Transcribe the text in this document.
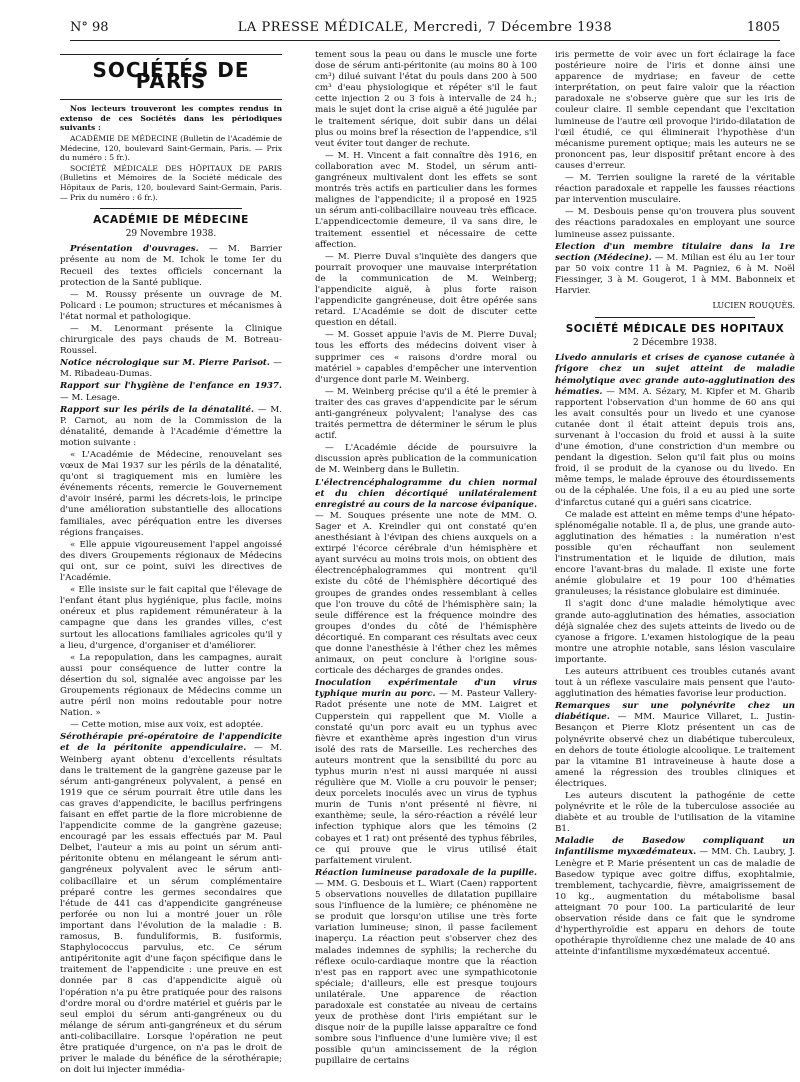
N° 98	LA PRESSE MÉDICALE, Mercredi, 7 Décembre 1938	1805
SOCIÉTÉS DE PARIS

Nos lecteurs trouveront les comptes rendus in extenso de ces Sociétés dans les périodiques suivants :

ACADÉMIE DE MÉDECINE (Bulletin de l'Académie de Médecine, 120, boulevard Saint-Germain, Paris. — Prix du numéro : 5 fr.).

SOCIÉTÉ MÉDICALE DES HÔPITAUX DE PARIS (Bulletins et Mémoires de la Société médicale des Hôpitaux de Paris, 120, boulevard Saint-Germain, Paris. — Prix du numéro : 6 fr.).

ACADÉMIE DE MÉDECINE
29 Novembre 1938.

Présentation d'ouvrages. — M. Barrier présente au nom de M. Ichok le tome Ier du Recueil des textes officiels concernant la protection de la Santé publique.

— M. Roussy présente un ouvrage de M. Policard : Le poumon; structures et mécanismes à l'état normal et pathologique.

— M. Lenormant présente la Clinique chirurgicale des pays chauds de M. Botreau-Roussel.

Notice nécrologique sur M. Pierre Parisot. — M. Ribadeau-Dumas.

Rapport sur l'hygiène de l'enfance en 1937. — M. Lesage.

Rapport sur les périls de la dénatalité. — M. P. Carnot, au nom de la Commission de la dénatalité, demande à l'Académie d'émettre la motion suivante :

« L'Académie de Médecine, renouvelant ses vœux de Mai 1937 sur les périls de la dénatalité, qu'ont si tragiquement mis en lumière les événements récents, remercie le Gouvernement d'avoir inséré, parmi les décrets-lois, le principe d'une amélioration substantielle des allocations familiales, avec péréquation entre les diverses régions françaises.

« Elle appuie vigoureusement l'appel angoissé des divers Groupements régionaux de Médecins qui ont, sur ce point, suivi les directives de l'Académie.

« Elle insiste sur le fait capital que l'élevage de l'enfant étant plus hygiénique, plus facile, moins onéreux et plus rapidement rémunérateur à la campagne que dans les grandes villes, c'est surtout les allocations familiales agricoles qu'il y a lieu, d'urgence, d'organiser et d'améliorer.

« La repopulation, dans les campagnes, aurait aussi pour conséquence de lutter contre la désertion du sol, signalée avec angoisse par les Groupements régionaux de Médecins comme un autre péril non moins redoutable pour notre Nation. »

— Cette motion, mise aux voix, est adoptée.

Sérothérapie pré-opératoire de l'appendicite et de la péritonite appendiculaire. — M. Weinberg ayant obtenu d'excellents résultats dans le traitement de la gangrène gazeuse par le sérum anti-gangréneux polyvalent, a pensé en 1919 que ce sérum pourrait être utile dans les cas graves d'appendicite, le bacillus perfringens faisant en effet partie de la flore microbienne de l'appendicite comme de la gangrène gazeuse; encouragé par les essais effectués par M. Paul Delbet, l'auteur a mis au point un sérum anti-péritonite obtenu en mélangeant le sérum anti-gangréneux polyvalent avec le sérum anti-colibacillaire et un sérum complémentaire préparé contre les germes secondaires que l'étude de 441 cas d'appendicite gangréneuse perforée ou non lui a montré jouer un rôle important dans l'évolution de la maladie : B. ramosus, B. funduliformis, B. fusiformis, Staphylococcus parvulus, etc. Ce sérum antipéritonite agit d'une façon spécifique dans le traitement de l'appendicite : une preuve en est donnée par 8 cas d'appendicite aiguë où l'opération n'a pu être pratiquée pour des raisons d'ordre moral ou d'ordre matériel et guéris par le seul emploi du sérum anti-gangréneux ou du mélange de sérum anti-gangréneux et du sérum anti-colibacillaire. Lorsque l'opération ne peut être pratiquée d'urgence, on n'a pas le droit de priver le malade du bénéfice de la sérothérapie; on doit lui injecter immédia-

tement sous la peau ou dans le muscle une forte dose de sérum anti-péritonite (au moins 80 à 100 cm³) dilué suivant l'état du pouls dans 200 à 500 cm³ d'eau physiologique et répéter s'il le faut cette injection 2 ou 3 fois à intervalle de 24 h.; mais le sujet dont la crise aiguë a été jugulée par le traitement sérique, doit subir dans un délai plus ou moins bref la résection de l'appendice, s'il veut éviter tout danger de rechute.

— M. H. Vincent a fait connaître dès 1916, en collaboration avec M. Stodel, un sérum anti-gangréneux multivalent dont les effets se sont montrés très actifs en particulier dans les formes malignes de l'appendicite; il a proposé en 1925 un sérum anti-colibacillaire nouveau très efficace. L'appendicectomie demeure, il va sans dire, le traitement essentiel et nécessaire de cette affection.

— M. Pierre Duval s'inquiète des dangers que pourrait provoquer une mauvaise interprétation de la communication de M. Weinberg; l'appendicite aiguë, à plus forte raison l'appendicite gangréneuse, doit être opérée sans retard. L'Académie se doit de discuter cette question en détail.

— M. Gosset appuie l'avis de M. Pierre Duval; tous les efforts des médecins doivent viser à supprimer ces « raisons d'ordre moral ou matériel » capables d'empêcher une intervention d'urgence dont parle M. Weinberg.

— M. Weinberg précise qu'il a été le premier à traiter des cas graves d'appendicite par le sérum anti-gangréneux polyvalent; l'analyse des cas traités permettra de déterminer le sérum le plus actif.

— L'Académie décide de poursuivre la discussion après publication de la communication de M. Weinberg dans le Bulletin.

L'électrencéphalogramme du chien normal et du chien décortiqué unilatéralement enregistré au cours de la narcose évipanique. — M. Souques présente une note de MM. O. Sager et A. Kreindler qui ont constaté qu'en anesthésiant à l'évipan des chiens auxquels on a extirpé l'écorce cérébrale d'un hémisphère et ayant survécu au moins trois mois, on obtient des électrencéphalogrammes qui montrent qu'il existe du côté de l'hémisphère décortiqué des groupes de grandes ondes ressemblant à celles que l'on trouve du côté de l'hémisphère sain; la seule différence est la fréquence moindre des groupes d'ondes du côté de l'hémisphère décortiqué. En comparant ces résultats avec ceux que donne l'anesthésie à l'éther chez les mêmes animaux, on peut conclure à l'origine sous-corticale des décharges de grandes ondes.

Inoculation expérimentale d'un virus typhique murin au porc. — M. Pasteur Vallery-Radot présente une note de MM. Laigret et Cupperstein qui rappellent que M. Violle a constaté qu'un porc avait eu un typhus avec fièvre et exanthème après ingestion d'un virus isolé des rats de Marseille. Les recherches des auteurs montrent que la sensibilité du porc au typhus murin n'est ni aussi marquée ni aussi régulière que M. Violle a cru pouvoir le penser; deux porcelets inoculés avec un virus de typhus murin de Tunis n'ont présenté ni fièvre, ni exanthème; seule, la séro-réaction a révélé leur infection typhique alors que les témoins (2 cobayes et 1 rat) ont présenté des typhus fébriles, ce qui prouve que le virus utilisé était parfaitement virulent.

Réaction lumineuse paradoxale de la pupille. — MM. G. Desbouis et L. Wiart (Caen) rapportent 5 observations nouvelles de dilatation pupillaire sous l'influence de la lumière; ce phénomène ne se produit que lorsqu'on utilise une très forte variation lumineuse; sinon, il passe facilement inaperçu. La réaction peut s'observer chez des malades indemnes de syphilis; la recherche du réflexe oculo-cardiaque montre que la réaction n'est pas en rapport avec une sympathicotonie spéciale; d'ailleurs, elle est presque toujours unilatérale. Une apparence de réaction paradoxale est constatée au niveau de certains yeux de prothèse dont l'iris empiétant sur le disque noir de la pupille laisse apparaître ce fond sombre sous l'influence d'une lumière vive; il est possible qu'un amincissement de la région pupillaire de certains

iris permette de voir avec un fort éclairage la face postérieure noire de l'iris et donne ainsi une apparence de mydriase; en faveur de cette interprétation, on peut faire valoir que la réaction paradoxale ne s'observe guère que sur les iris de couleur claire. Il semble cependant que l'excitation lumineuse de l'autre œil provoque l'irido-dilatation de l'œil étudié, ce qui éliminerait l'hypothèse d'un mécanisme purement optique; mais les auteurs ne se prononcent pas, leur dispositif prêtant encore à des causes d'erreur.

— M. Terrien souligne la rareté de la véritable réaction paradoxale et rappelle les fausses réactions par intervention musculaire.

— M. Desbouis pense qu'on trouvera plus souvent des réactions paradoxales en employant une source lumineuse assez puissante.

Election d'un membre titulaire dans la 1re section (Médecine). — M. Milian est élu au 1er tour par 50 voix contre 11 à M. Pagniez, 6 à M. Noël Fiessinger, 3 à M. Gougerot, 1 à MM. Babonneix et Harvier.

LUCIEN ROUQUÈS.
SOCIÉTÉ MÉDICALE DES HOPITAUX
2 Décembre 1938.

Livedo annularis et crises de cyanose cutanée à frigore chez un sujet atteint de maladie hémolytique avec grande auto-agglutination des hématies. — MM. A. Sézary, M. Kipfer et M. Gharib rapportent l'observation d'un homme de 60 ans qui les avait consultés pour un livedo et une cyanose cutanée dont il était atteint depuis trois ans, survenant à l'occasion du froid et aussi à la suite d'une émotion, d'une constriction d'un membre ou pendant la digestion. Selon qu'il fait plus ou moins froid, il se produit de la cyanose ou du livedo. En même temps, le malade éprouve des étourdissements ou de la céphalée. Une fois, il a eu au pied une sorte d'infarctus cutané qui a guéri sans cicatrice.

Ce malade est atteint en même temps d'une hépato-splénomégalie notable. Il a, de plus, une grande auto-agglutination des hématies : la numération n'est possible qu'en réchauffant non seulement l'instrumentation et le liquide de dilution, mais encore l'avant-bras du malade. Il existe une forte anémie globulaire et 19 pour 100 d'hématies granuleuses; la résistance globulaire est diminuée.

Il s'agit donc d'une maladie hémolytique avec grande auto-agglutination des hématies, association déjà signalée chez des sujets atteints de livedo ou de cyanose a frigore. L'examen histologique de la peau montre une atrophie notable, sans lésion vasculaire importante.

Les auteurs attribuent ces troubles cutanés avant tout à un réflexe vasculaire mais pensent que l'auto-agglutination des hématies favorise leur production.

Remarques sur une polynévrite chez un diabétique. — MM. Maurice Villaret, L. Justin-Besançon et Pierre Klotz présentent un cas de polynévrite observé chez un diabétique tuberculeux, en dehors de toute étiologie alcoolique. Le traitement par la vitamine B1 intraveineuse à haute dose a amené la régression des troubles cliniques et électriques.

Les auteurs discutent la pathogénie de cette polynévrite et le rôle de la tuberculose associée au diabète et au trouble de l'utilisation de la vitamine B1.

Maladie de Basedow compliquant un infantilisme myxœdémateux. — MM. Ch. Laubry, J. Lenègre et P. Marie présentent un cas de maladie de Basedow typique avec goitre diffus, exophtalmie, tremblement, tachycardie, fièvre, amaigrissement de 10 kg., augmentation du métabolisme basal atteignant 70 pour 100. La particularité de leur observation réside dans ce fait que le syndrome d'hyperthyroïdie est apparu en dehors de toute opothérapie thyroïdienne chez une malade de 40 ans atteinte d'infantilisme myxœdémateux accentué.
